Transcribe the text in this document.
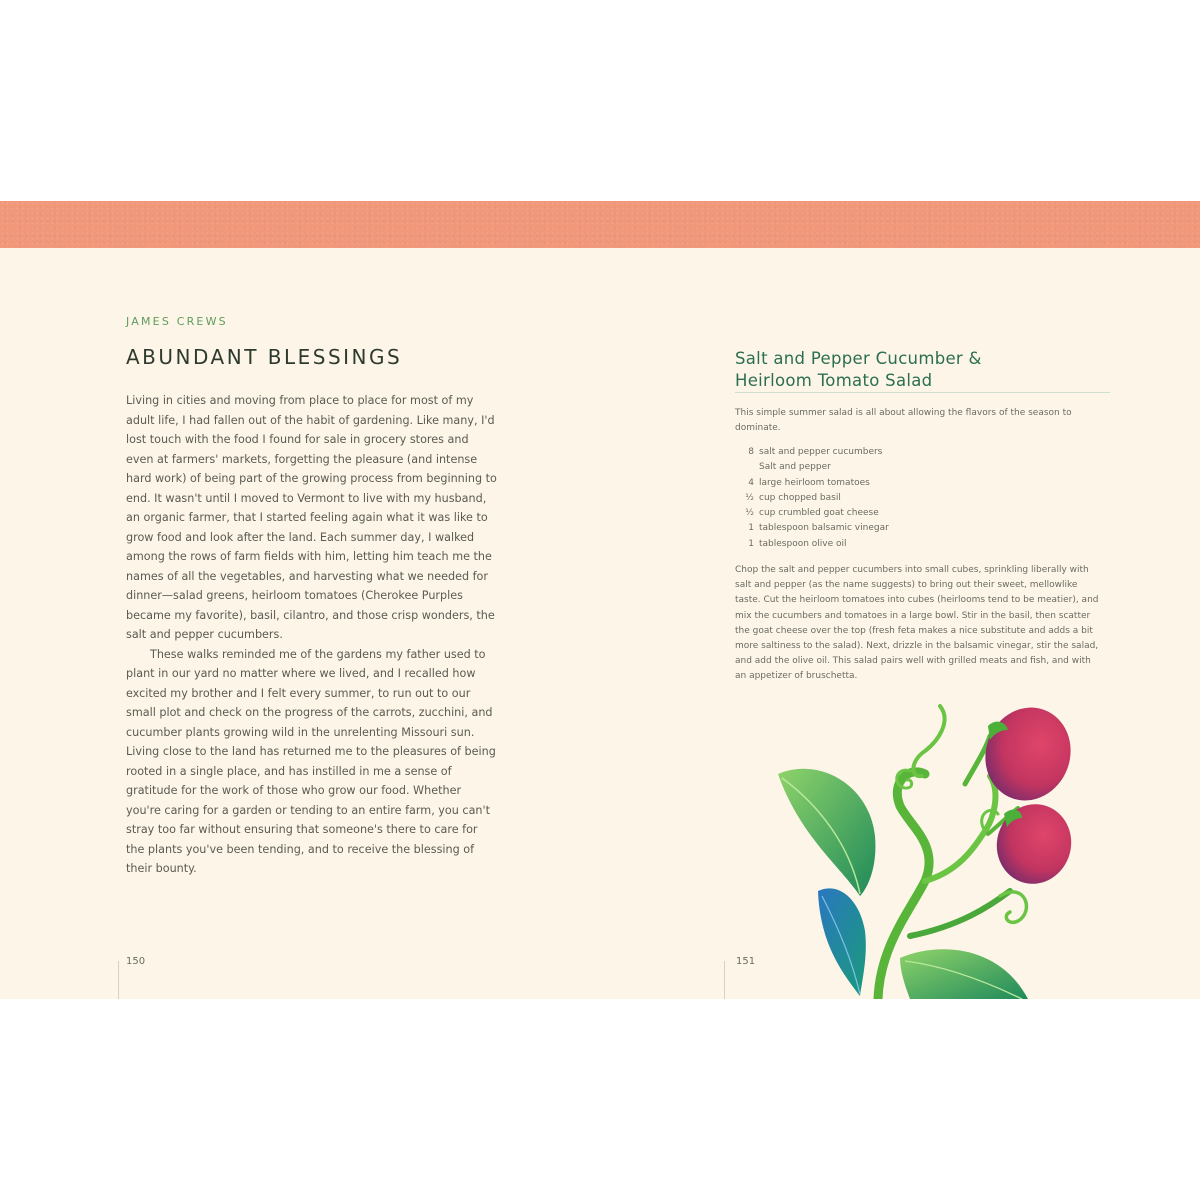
JAMES CREWS
ABUNDANT BLESSINGS

Living in cities and moving from place to place for most of my adult life, I had fallen out of the habit of gardening. Like many, I'd lost touch with the food I found for sale in grocery stores and even at farmers' markets, forgetting the pleasure (and intense hard work) of being part of the growing process from beginning to end. It wasn't until I moved to Vermont to live with my husband, an organic farmer, that I started feeling again what it was like to grow food and look after the land. Each summer day, I walked among the rows of farm fields with him, letting him teach me the names of all the vegetables, and harvesting what we needed for dinner—salad greens, heirloom tomatoes (Cherokee Purples became my favorite), basil, cilantro, and those crisp wonders, the salt and pepper cucumbers.

These walks reminded me of the gardens my father used to plant in our yard no matter where we lived, and I recalled how excited my brother and I felt every summer, to run out to our small plot and check on the progress of the carrots, zucchini, and cucumber plants growing wild in the unrelenting Missouri sun. Living close to the land has returned me to the pleasures of being rooted in a single place, and has instilled in me a sense of gratitude for the work of those who grow our food. Whether you're caring for a garden or tending to an entire farm, you can't stray too far without ensuring that someone's there to care for the plants you've been tending, and to receive the blessing of their bounty.

150
Salt and Pepper Cucumber &
Heirloom Tomato Salad

This simple summer salad is all about allowing the flavors of the season to dominate.

8 salt and pepper cucumbers
Salt and pepper
4 large heirloom tomatoes
½ cup chopped basil
½ cup crumbled goat cheese
1 tablespoon balsamic vinegar
1 tablespoon olive oil

Chop the salt and pepper cucumbers into small cubes, sprinkling liberally with salt and pepper (as the name suggests) to bring out their sweet, mellowlike taste. Cut the heirloom tomatoes into cubes (heirlooms tend to be meatier), and mix the cucumbers and tomatoes in a large bowl. Stir in the basil, then scatter the goat cheese over the top (fresh feta makes a nice substitute and adds a bit more saltiness to the salad). Next, drizzle in the balsamic vinegar, stir the salad, and add the olive oil. This salad pairs well with grilled meats and fish, and with an appetizer of bruschetta.

151
